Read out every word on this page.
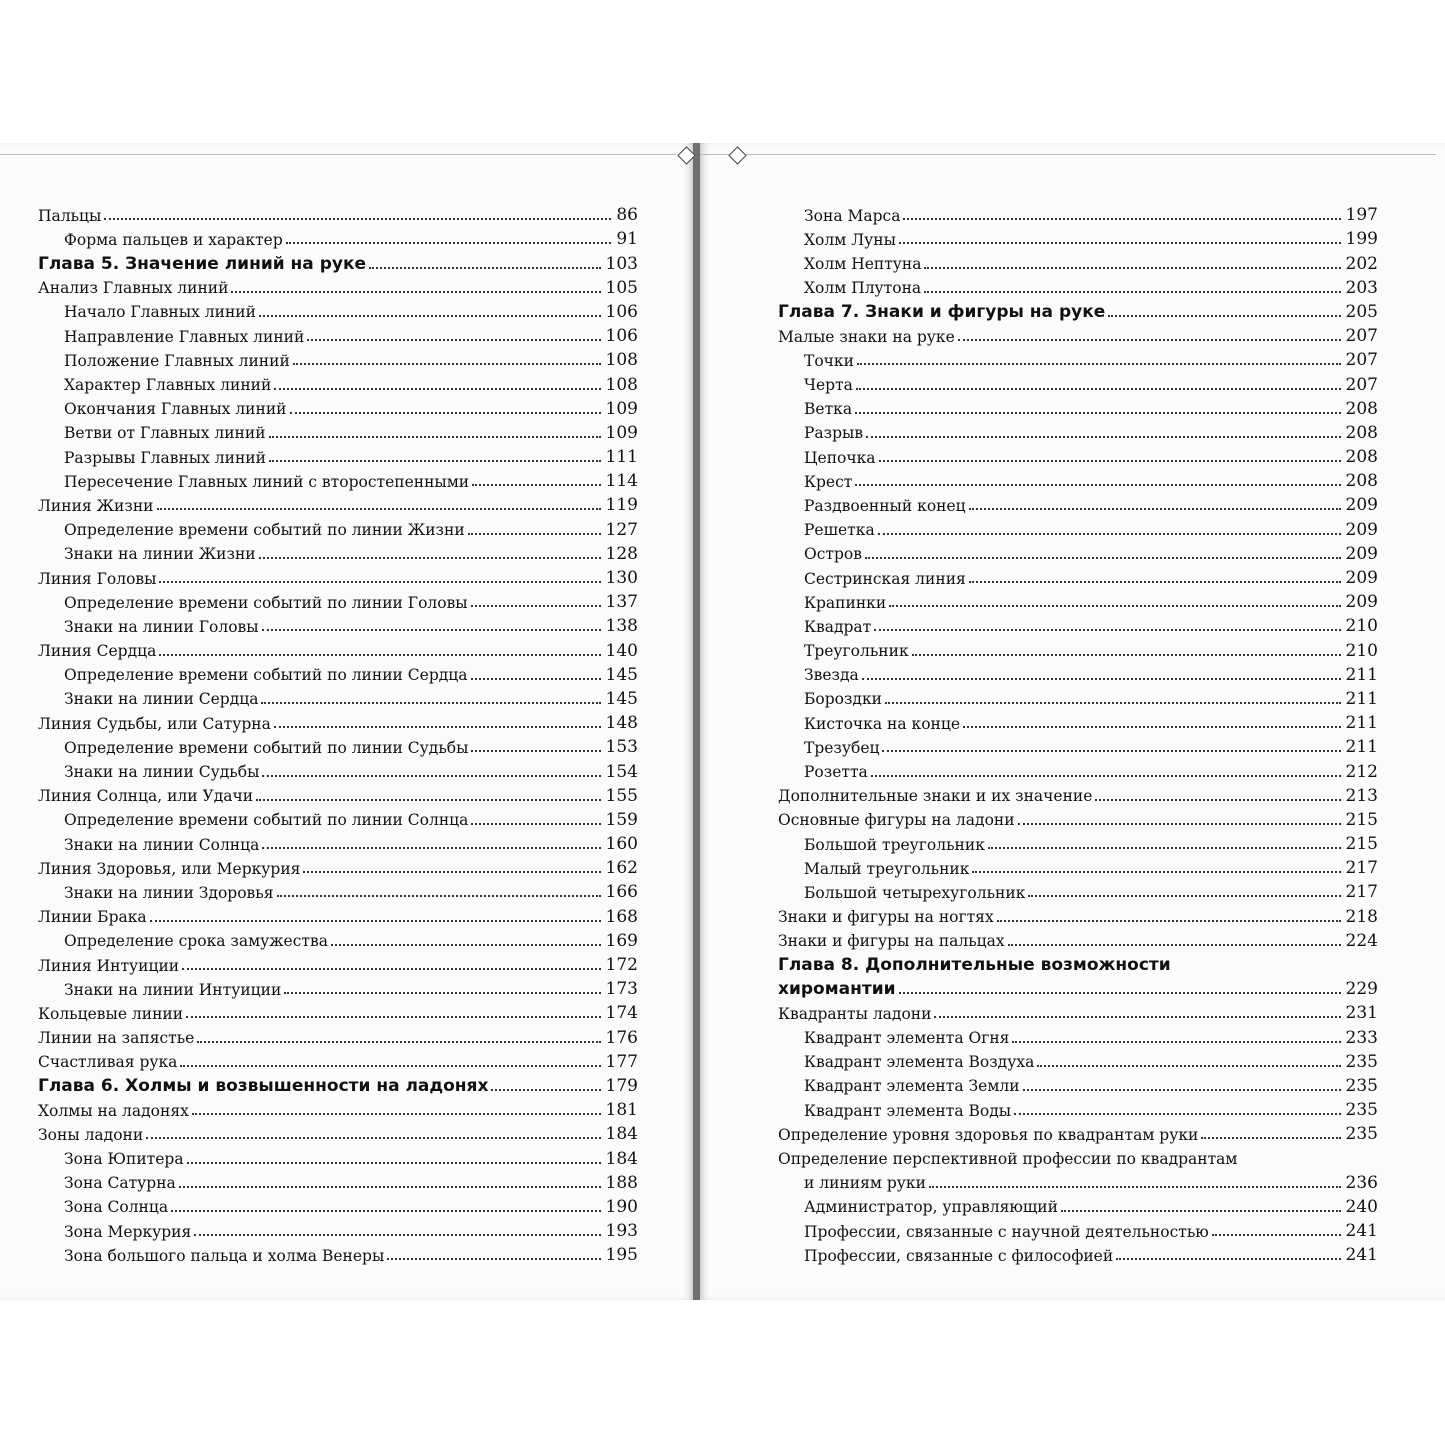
Пальцы	86
Форма пальцев и характер	91
Глава 5. Значение линий на руке	103
Анализ Главных линий	105
Начало Главных линий	106
Направление Главных линий	106
Положение Главных линий	108
Характер Главных линий	108
Окончания Главных линий	109
Ветви от Главных линий	109
Разрывы Главных линий	111
Пересечение Главных линий с второстепенными	114
Линия Жизни	119
Определение времени событий по линии Жизни	127
Знаки на линии Жизни	128
Линия Головы	130
Определение времени событий по линии Головы	137
Знаки на линии Головы	138
Линия Сердца	140
Определение времени событий по линии Сердца	145
Знаки на линии Сердца	145
Линия Судьбы, или Сатурна	148
Определение времени событий по линии Судьбы	153
Знаки на линии Судьбы	154
Линия Солнца, или Удачи	155
Определение времени событий по линии Солнца	159
Знаки на линии Солнца	160
Линия Здоровья, или Меркурия	162
Знаки на линии Здоровья	166
Линии Брака	168
Определение срока замужества	169
Линия Интуиции	172
Знаки на линии Интуиции	173
Кольцевые линии	174
Линии на запястье	176
Счастливая рука	177
Глава 6. Холмы и возвышенности на ладонях	179
Холмы на ладонях	181
Зоны ладони	184
Зона Юпитера	184
Зона Сатурна	188
Зона Солнца	190
Зона Меркурия	193
Зона большого пальца и холма Венеры	195
Зона Марса	197
Холм Луны	199
Холм Нептуна	202
Холм Плутона	203
Глава 7. Знаки и фигуры на руке	205
Малые знаки на руке	207
Точки	207
Черта	207
Ветка	208
Разрыв	208
Цепочка	208
Крест	208
Раздвоенный конец	209
Решетка	209
Остров	209
Сестринская линия	209
Крапинки	209
Квадрат	210
Треугольник	210
Звезда	211
Бороздки	211
Кисточка на конце	211
Трезубец	211
Розетта	212
Дополнительные знаки и их значение	213
Основные фигуры на ладони	215
Большой треугольник	215
Малый треугольник	217
Большой четырехугольник	217
Знаки и фигуры на ногтях	218
Знаки и фигуры на пальцах	224
Глава 8. Дополнительные возможности
хиромантии	229
Квадранты ладони	231
Квадрант элемента Огня	233
Квадрант элемента Воздуха	235
Квадрант элемента Земли	235
Квадрант элемента Воды	235
Определение уровня здоровья по квадрантам руки	235
Определение перспективной профессии по квадрантам
и линиям руки	236
Администратор, управляющий	240
Профессии, связанные с научной деятельностью	241
Профессии, связанные с философией	241
